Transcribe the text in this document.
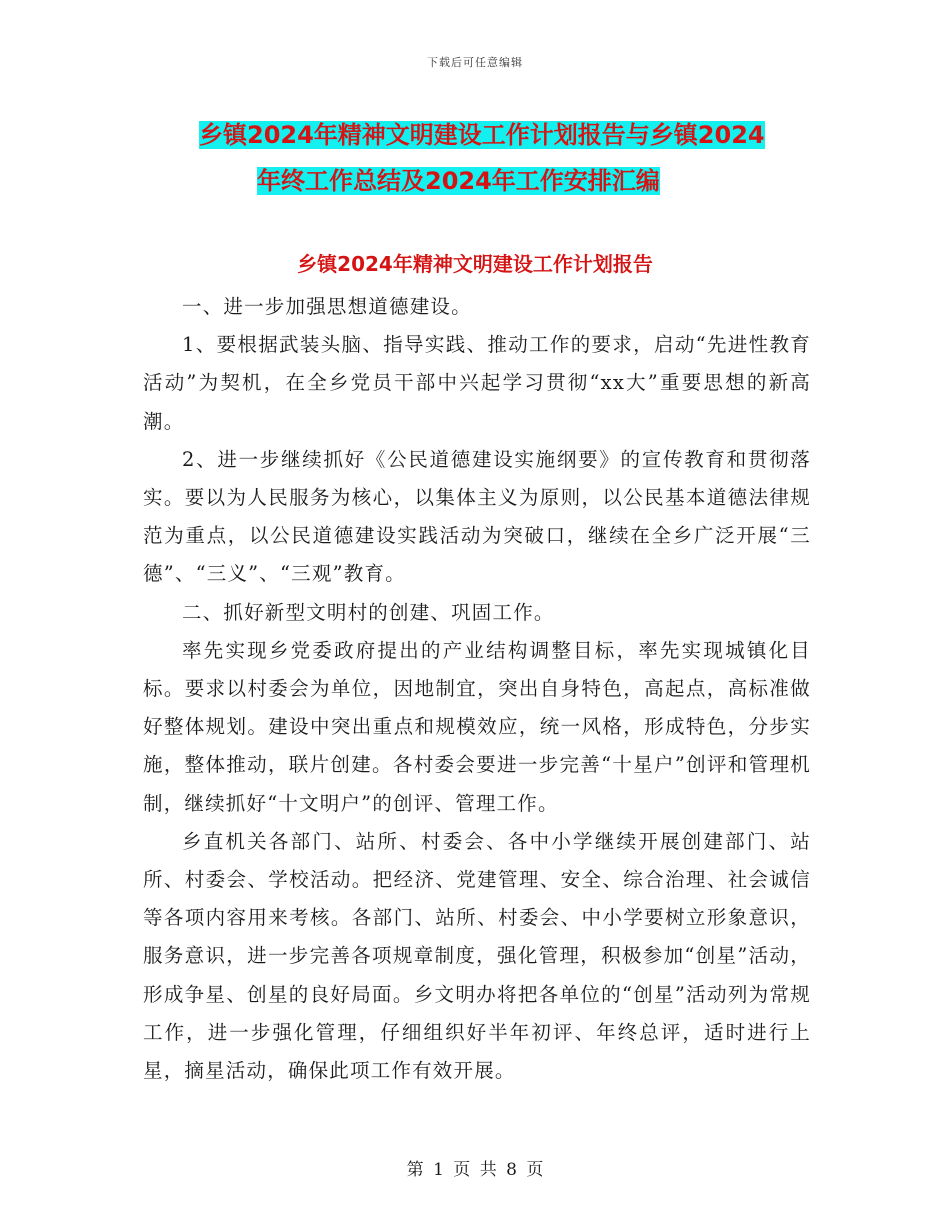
下载后可任意编辑
乡镇2024年精神文明建设工作计划报告与乡镇2024
年终工作总结及2024年工作安排汇编
乡镇2024年精神文明建设工作计划报告

一、进一步加强思想道德建设。

1、要根据武装头脑、指导实践、推动工作的要求，启动“先进性教育活动”为契机，在全乡党员干部中兴起学习贯彻“xx大”重要思想的新高潮。

2、进一步继续抓好《公民道德建设实施纲要》的宣传教育和贯彻落实。要以为人民服务为核心，以集体主义为原则，以公民基本道德法律规范为重点，以公民道德建设实践活动为突破口，继续在全乡广泛开展“三德”、“三义”、“三观”教育。

二、抓好新型文明村的创建、巩固工作。

率先实现乡党委政府提出的产业结构调整目标，率先实现城镇化目标。要求以村委会为单位，因地制宜，突出自身特色，高起点，高标准做好整体规划。建设中突出重点和规模效应，统一风格，形成特色，分步实施，整体推动，联片创建。各村委会要进一步完善“十星户”创评和管理机制，继续抓好“十文明户”的创评、管理工作。

乡直机关各部门、站所、村委会、各中小学继续开展创建部门、站所、村委会、学校活动。把经济、党建管理、安全、综合治理、社会诚信等各项内容用来考核。各部门、站所、村委会、中小学要树立形象意识，服务意识，进一步完善各项规章制度，强化管理，积极参加“创星”活动，形成争星、创星的良好局面。乡文明办将把各单位的“创星”活动列为常规工作，进一步强化管理，仔细组织好半年初评、年终总评，适时进行上星，摘星活动，确保此项工作有效开展。

第 1 页 共 8 页
